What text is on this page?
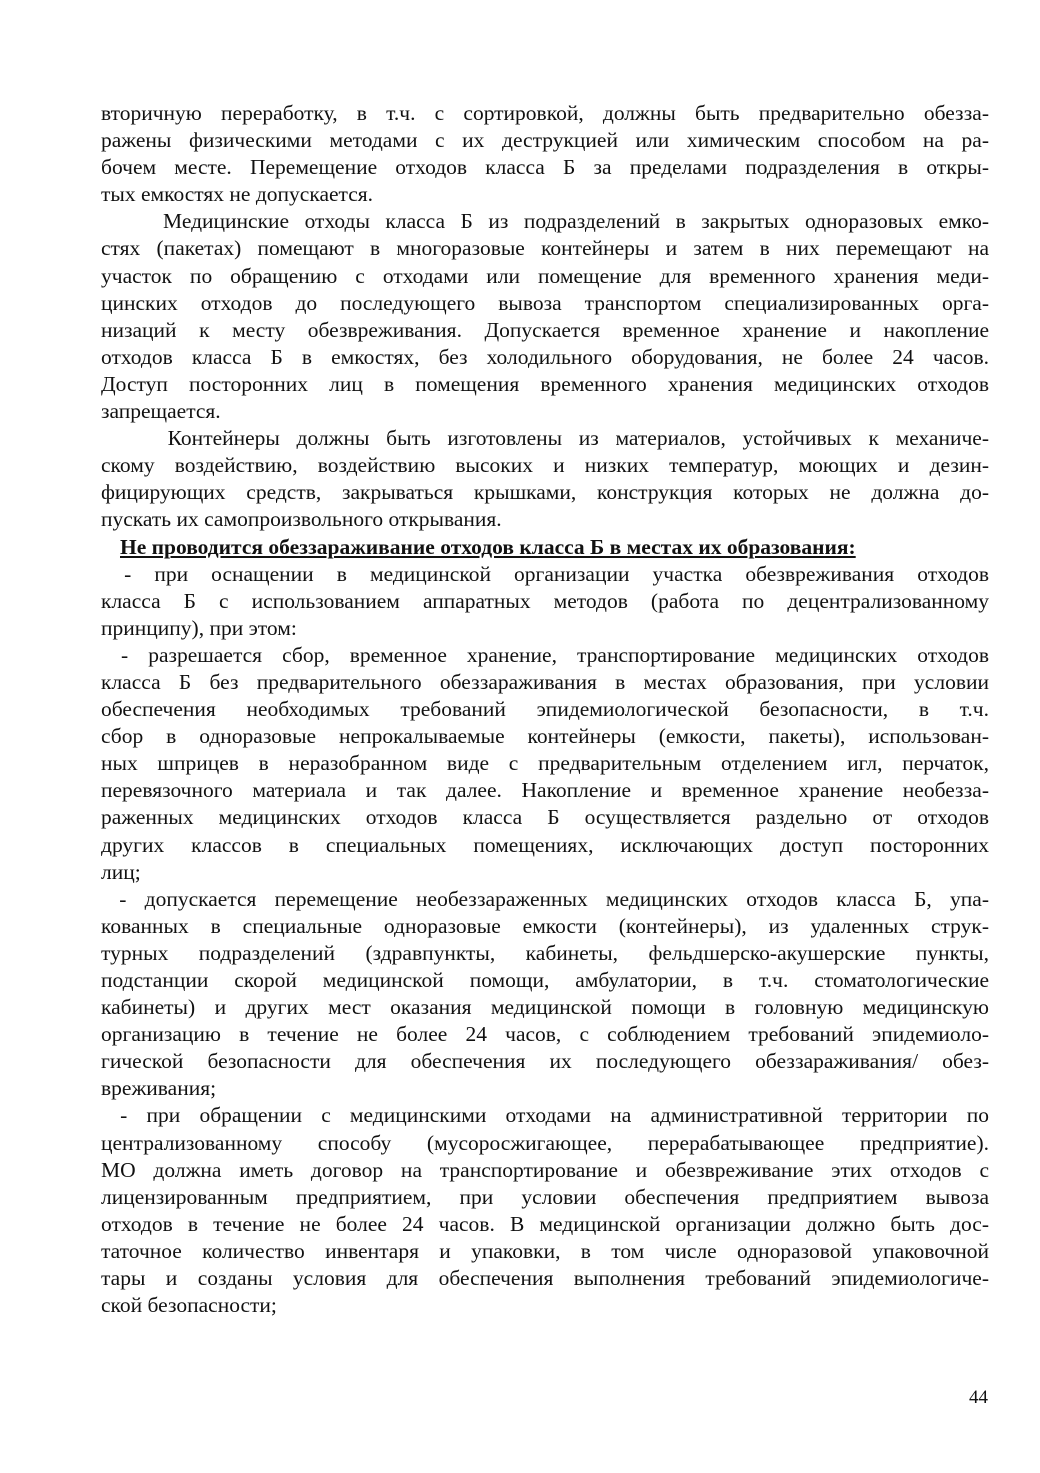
вторичную переработку, в т.ч. с сортировкой, должны быть предварительно обезза-
ражены физическими методами с их деструкцией или химическим способом на ра-
бочем месте. Перемещение отходов класса Б за пределами подразделения в откры-
тых емкостях не допускается.
Медицинские отходы класса Б из подразделений в закрытых одноразовых емко-
стях (пакетах) помещают в многоразовые контейнеры и затем в них перемещают на
участок по обращению с отходами или помещение для временного хранения меди-
цинских отходов до последующего вывоза транспортом специализированных орга-
низаций к месту обезвреживания. Допускается временное хранение и накопление
отходов класса Б в емкостях, без холодильного оборудования, не более 24 часов.
Доступ посторонних лиц в помещения временного хранения медицинских отходов
запрещается.
Контейнеры должны быть изготовлены из материалов, устойчивых к механиче-
скому воздействию, воздействию высоких и низких температур, моющих и дезин-
фицирующих средств, закрываться крышками, конструкция которых не должна до-
пускать их самопроизвольного открывания.
Не проводится обеззараживание отходов класса Б в местах их образования:
- при оснащении в медицинской организации участка обезвреживания отходов
класса Б с использованием аппаратных методов (работа по децентрализованному
принципу), при этом:
- разрешается сбор, временное хранение, транспортирование медицинских отходов
класса Б без предварительного обеззараживания в местах образования, при условии
обеспечения необходимых требований эпидемиологической безопасности, в т.ч.
сбор в одноразовые непрокалываемые контейнеры (емкости, пакеты), использован-
ных шприцев в неразобранном виде с предварительным отделением игл, перчаток,
перевязочного материала и так далее. Накопление и временное хранение необезза-
раженных медицинских отходов класса Б осуществляется раздельно от отходов
других классов в специальных помещениях, исключающих доступ посторонних
лиц;
- допускается перемещение необеззараженных медицинских отходов класса Б, упа-
кованных в специальные одноразовые емкости (контейнеры), из удаленных струк-
турных подразделений (здравпункты, кабинеты, фельдшерско-акушерские пункты,
подстанции скорой медицинской помощи, амбулатории, в т.ч. стоматологические
кабинеты) и других мест оказания медицинской помощи в головную медицинскую
организацию в течение не более 24 часов, с соблюдением требований эпидемиоло-
гической безопасности для обеспечения их последующего обеззараживания/ обез-
вреживания;
- при обращении с медицинскими отходами на административной территории по
централизованному способу (мусоросжигающее, перерабатывающее предприятие).
МО должна иметь договор на транспортирование и обезвреживание этих отходов с
лицензированным предприятием, при условии обеспечения предприятием вывоза
отходов в течение не более 24 часов. В медицинской организации должно быть дос-
таточное количество инвентаря и упаковки, в том числе одноразовой упаковочной
тары и созданы условия для обеспечения выполнения требований эпидемиологиче-
ской безопасности;
44
